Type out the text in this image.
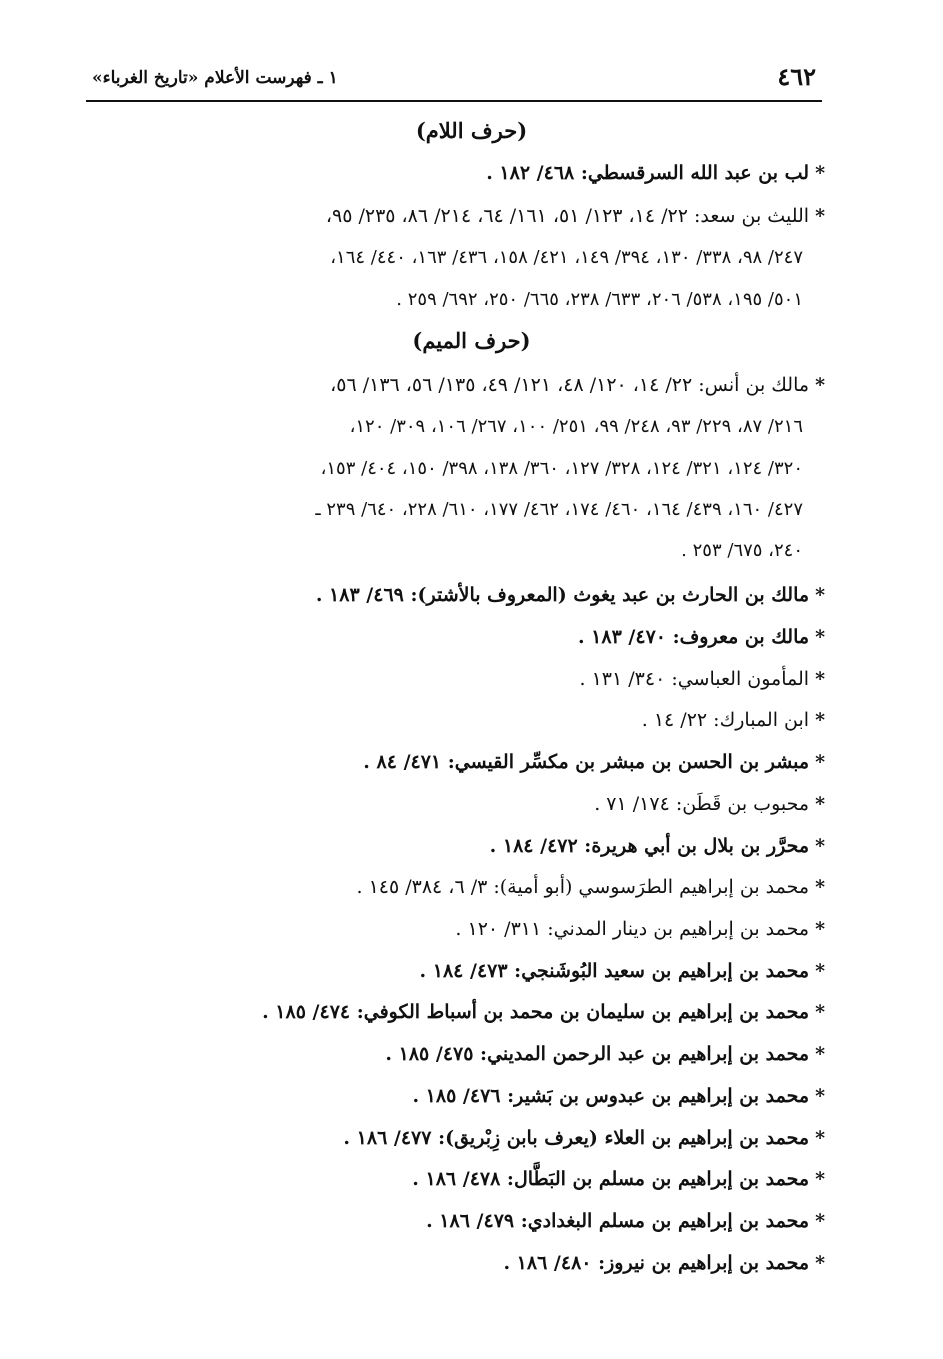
٤٦٢
١ ـ فهرست الأعلام «تاريخ الغرباء»
(حرف اللام)
*لب بن عبد الله السرقسطي: ٤٦٨/ ١٨٢ .
*الليث بن سعد: ٢٢/ ١٤، ١٢٣/ ٥١، ١٦١/ ٦٤، ٢١٤/ ٨٦، ٢٣٥/ ٩٥،
٢٤٧/ ٩٨، ٣٣٨/ ١٣٠، ٣٩٤/ ١٤٩، ٤٢١/ ١٥٨، ٤٣٦/ ١٦٣، ٤٤٠/ ١٦٤،
٥٠١/ ١٩٥، ٥٣٨/ ٢٠٦، ٦٣٣/ ٢٣٨، ٦٦٥/ ٢٥٠، ٦٩٢/ ٢٥٩ .
(حرف الميم)
*مالك بن أنس: ٢٢/ ١٤، ١٢٠/ ٤٨، ١٢١/ ٤٩، ١٣٥/ ٥٦، ١٣٦/ ٥٦،
٢١٦/ ٨٧، ٢٢٩/ ٩٣، ٢٤٨/ ٩٩، ٢٥١/ ١٠٠، ٢٦٧/ ١٠٦، ٣٠٩/ ١٢٠،
٣٢٠/ ١٢٤، ٣٢١/ ١٢٤، ٣٢٨/ ١٢٧، ٣٦٠/ ١٣٨، ٣٩٨/ ١٥٠، ٤٠٤/ ١٥٣،
٤٢٧/ ١٦٠، ٤٣٩/ ١٦٤، ٤٦٠/ ١٧٤، ٤٦٢/ ١٧٧، ٦١٠/ ٢٢٨، ٦٤٠/ ٢٣٩ ـ
٢٤٠، ٦٧٥/ ٢٥٣ .
*مالك بن الحارث بن عبد يغوث (المعروف بالأشتر): ٤٦٩/ ١٨٣ .
*مالك بن معروف: ٤٧٠/ ١٨٣ .
*المأمون العباسي: ٣٤٠/ ١٣١ .
*ابن المبارك: ٢٢/ ١٤ .
*مبشر بن الحسن بن مبشر بن مكسِّر القيسي: ٤٧١/ ٨٤ .
*محبوب بن قَطَن: ١٧٤/ ٧١ .
*محرَّر بن بلال بن أبي هريرة: ٤٧٢/ ١٨٤ .
*محمد بن إبراهيم الطرَسوسي (أبو أمية): ٣/ ٦، ٣٨٤/ ١٤٥ .
*محمد بن إبراهيم بن دينار المدني: ٣١١/ ١٢٠ .
*محمد بن إبراهيم بن سعيد البُوشَنجي: ٤٧٣/ ١٨٤ .
*محمد بن إبراهيم بن سليمان بن محمد بن أسباط الكوفي: ٤٧٤/ ١٨٥ .
*محمد بن إبراهيم بن عبد الرحمن المديني: ٤٧٥/ ١٨٥ .
*محمد بن إبراهيم بن عبدوس بن بَشير: ٤٧٦/ ١٨٥ .
*محمد بن إبراهيم بن العلاء (يعرف بابن زِبْريق): ٤٧٧/ ١٨٦ .
*محمد بن إبراهيم بن مسلم بن البَطَّال: ٤٧٨/ ١٨٦ .
*محمد بن إبراهيم بن مسلم البغدادي: ٤٧٩/ ١٨٦ .
*محمد بن إبراهيم بن نيروز: ٤٨٠/ ١٨٦ .
